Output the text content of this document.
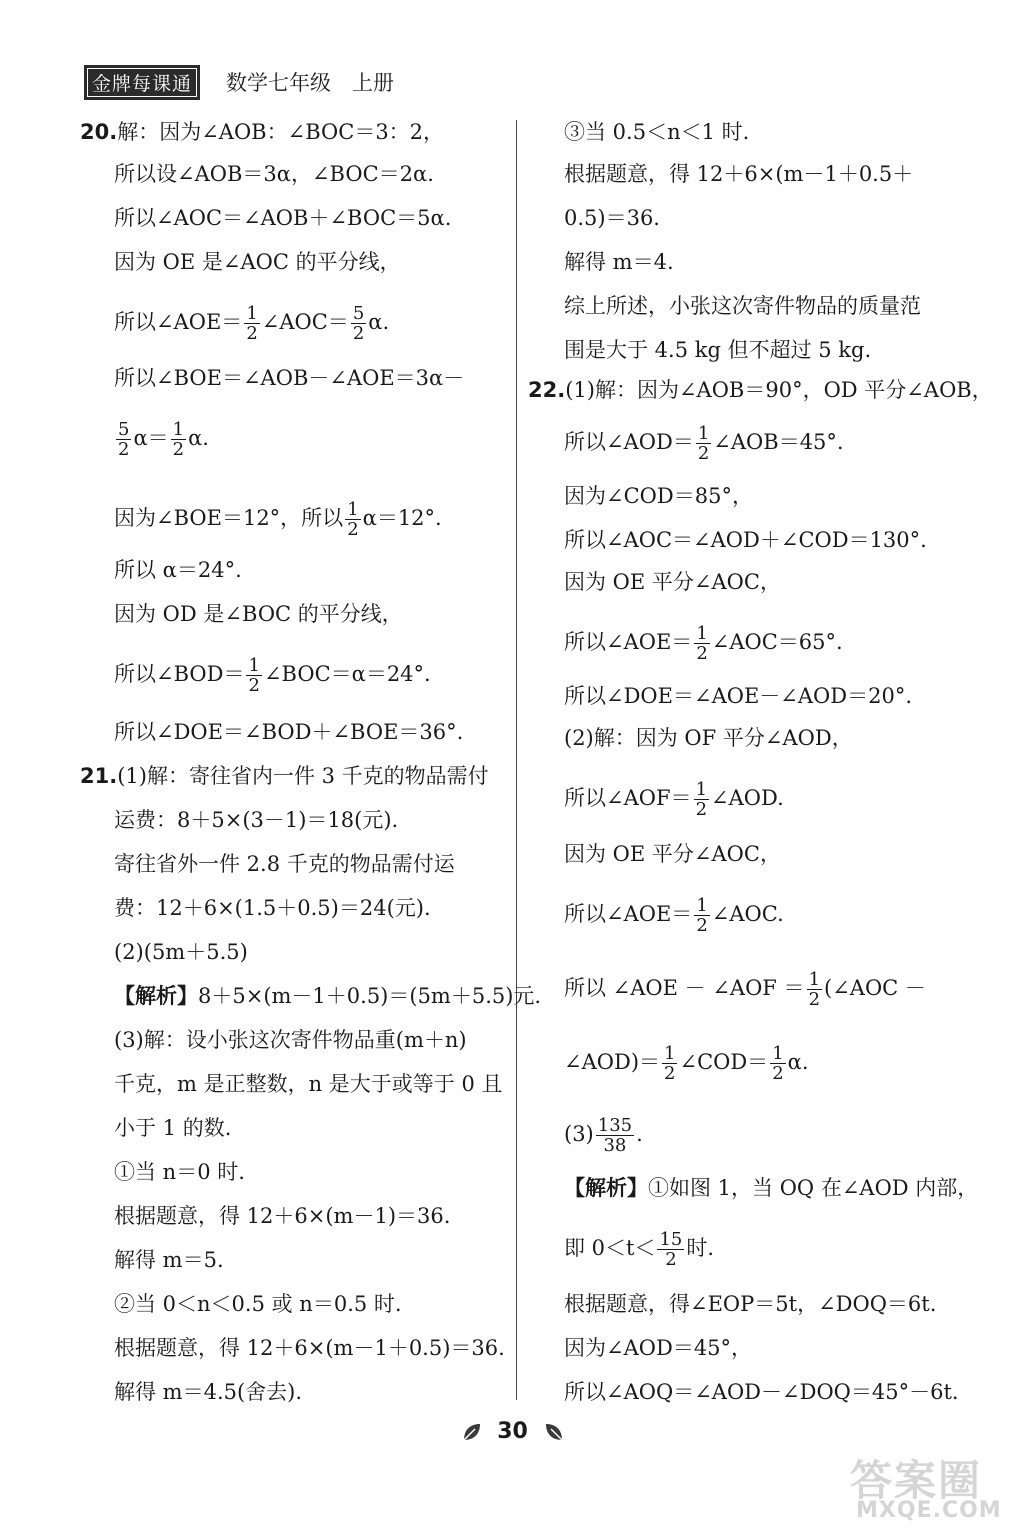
金牌每课通	数学七年级　上册
20.解：因为∠AOB：∠BOC＝3：2，
所以设∠AOB＝3α，∠BOC＝2α.
所以∠AOC＝∠AOB＋∠BOC＝5α.
因为 OE 是∠AOC 的平分线，
所以∠AOE＝ $\frac{1}{2}$ ∠AOC＝ $\frac{5}{2} \alpha$.
所以∠BOE＝∠AOB－∠AOE＝3α－
$\frac{5}{2} \alpha= \frac{1}{2} \alpha$.
因为∠BOE＝12°，所以 $\frac{1}{2} \alpha=12^\circ$.
所以 α＝24°.
因为 OD 是∠BOC 的平分线，
所以∠BOD＝ $\frac{1}{2}$ ∠BOC＝α＝24°.
所以∠DOE＝∠BOD＋∠BOE＝36°.
21.(1)解：寄往省内一件 3 千克的物品需付
运费：8＋5×(3－1)＝18(元).
寄往省外一件 2.8 千克的物品需付运
费：12＋6×(1.5＋0.5)＝24(元).
(2)(5m＋5.5)
【解析】8＋5×(m－1＋0.5)＝(5m＋5.5)元.
(3)解：设小张这次寄件物品重(m＋n)
千克，m 是正整数，n 是大于或等于 0 且
小于 1 的数.
①当 n＝0 时.
根据题意，得 12＋6×(m－1)＝36.
解得 m＝5.
②当 0＜n＜0.5 或 n＝0.5 时.
根据题意，得 12＋6×(m－1＋0.5)＝36.
解得 m＝4.5(舍去).
③当 0.5＜n＜1 时.
根据题意，得 12＋6×(m－1＋0.5＋
0.5)＝36.
解得 m＝4.
综上所述，小张这次寄件物品的质量范
围是大于 4.5 kg 但不超过 5 kg.
22.(1)解：因为∠AOB＝90°，OD 平分∠AOB，
所以∠AOD＝ $\frac{1}{2}$ ∠AOB＝45°.
因为∠COD＝85°，
所以∠AOC＝∠AOD＋∠COD＝130°.
因为 OE 平分∠AOC，
所以∠AOE＝ $\frac{1}{2}$ ∠AOC＝65°.
所以∠DOE＝∠AOE－∠AOD＝20°.
(2)解：因为 OF 平分∠AOD，
所以∠AOF＝ $\frac{1}{2}$ ∠AOD.
因为 OE 平分∠AOC，
所以∠AOE＝ $\frac{1}{2}$ ∠AOC.
所以 ∠AOE － ∠AOF ＝ $\frac{1}{2}$ (∠AOC －
∠AOD)＝ $\frac{1}{2}$ ∠COD＝ $\frac{1}{2} \alpha$.
$(3) \frac{135}{38}$ .
【解析】①如图 1，当 OQ 在∠AOD 内部，
即 $0<t< \frac{15}{2}$ 时.
根据题意，得∠EOP＝5t，∠DOQ＝6t.
因为∠AOD＝45°，
所以∠AOQ＝∠AOD－∠DOQ＝45°－6t.
30
答案圈
MXQE.COM
